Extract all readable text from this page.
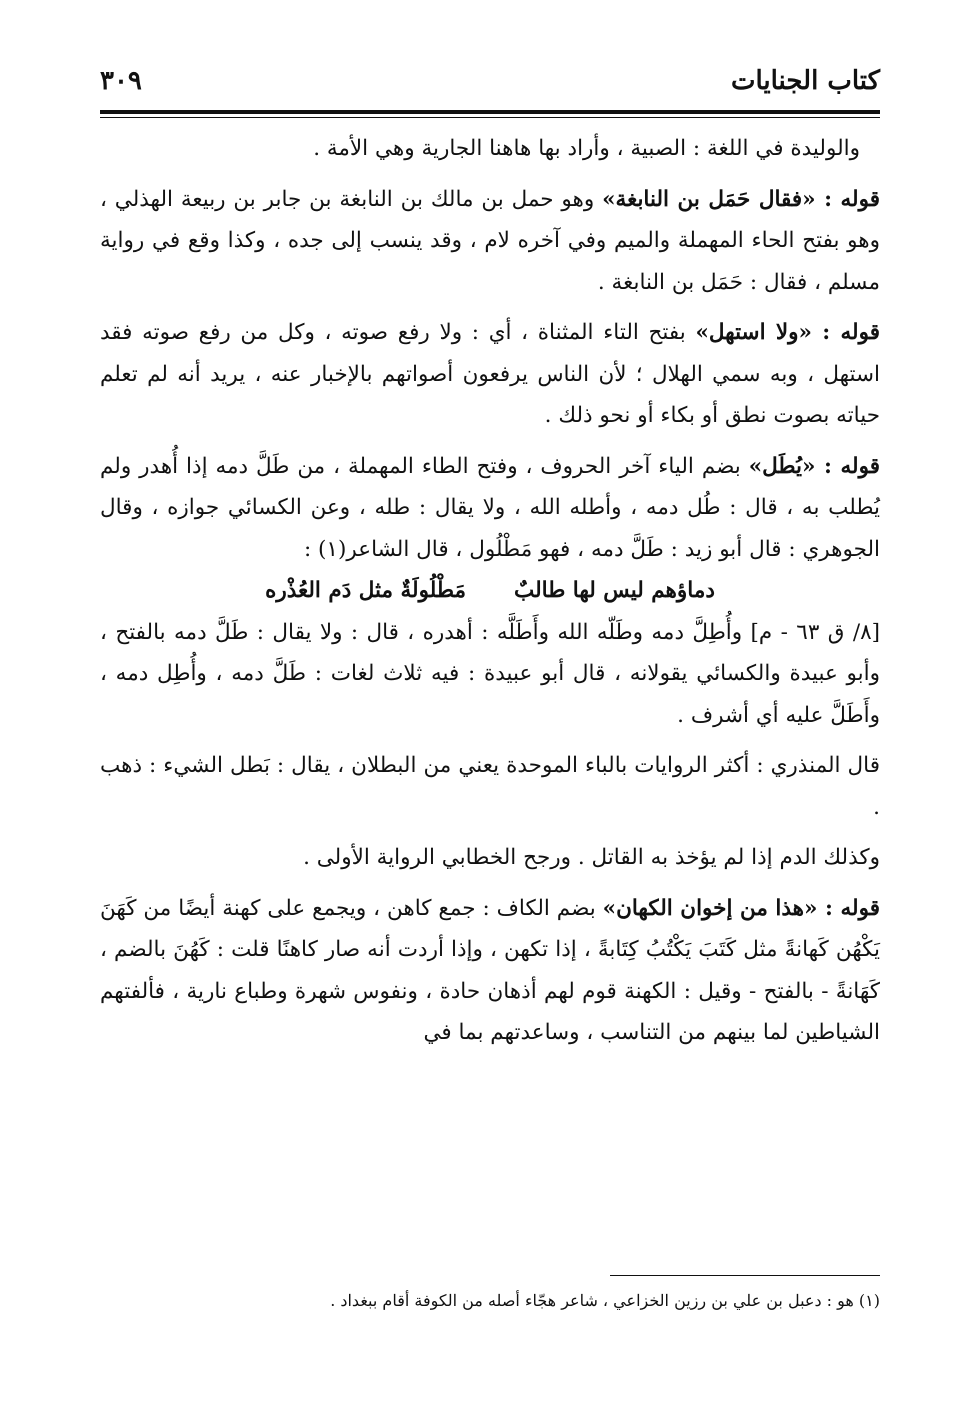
كتاب الجنايات
٣٠٩

والوليدة في اللغة : الصبية ، وأراد بها هاهنا الجارية وهي الأمة .

قوله : «فقال حَمَل بن النابغة» وهو حمل بن مالك بن النابغة بن جابر بن ربيعة الهذلي ، وهو بفتح الحاء المهملة والميم وفي آخره لام ، وقد ينسب إلى جده ، وكذا وقع في رواية مسلم ، فقال : حَمَل بن النابغة .

قوله : «ولا استهل» بفتح التاء المثناة ، أي : ولا رفع صوته ، وكل من رفع صوته فقد استهل ، وبه سمي الهلال ؛ لأن الناس يرفعون أصواتهم بالإخبار عنه ، يريد أنه لم تعلم حياته بصوت نطق أو بكاء أو نحو ذلك .

قوله : «يُطَل» بضم الياء آخر الحروف ، وفتح الطاء المهملة ، من طَلَّ دمه إذا أُهدر ولم يُطلب به ، قال : طُل دمه ، وأطله الله ، ولا يقال : طله ، وعن الكسائي جوازه ، وقال الجوهري : قال أبو زيد : طَلَّ دمه ، فهو مَطْلُول ، قال الشاعر(١) :

دماؤهم ليس لها طالبٌمَطْلُولَةٌ مثل دَم العُذْره

[٨/ ق ٦٣ - م] وأُطِلَّ دمه وطَلّه الله وأَطَلَّه : أهدره ، قال : ولا يقال : طَلَّ دمه بالفتح ، وأبو عبيدة والكسائي يقولانه ، قال أبو عبيدة : فيه ثلاث لغات : طَلَّ دمه ، وأُطِل دمه ، وأَطَلَّ عليه أي أشرف .

قال المنذري : أكثر الروايات بالباء الموحدة يعني من البطلان ، يقال : بَطل الشيء : ذهب .

وكذلك الدم إذا لم يؤخذ به القاتل . ورجح الخطابي الرواية الأولى .

قوله : «هذا من إخوان الكهان» بضم الكاف : جمع كاهن ، ويجمع على كهنة أيضًا من كَهَنَ يَكْهُن كَهانةً مثل كَتَبَ يَكْتُبُ كِتَابةً ، إذا تكهن ، وإذا أردت أنه صار كاهنًا قلت : كَهُنَ بالضم ، كَهَانةً - بالفتح - وقيل : الكهنة قوم لهم أذهان حادة ، ونفوس شهرة وطباع نارية ، فألفتهم الشياطين لما بينهم من التناسب ، وساعدتهم بما في

(١) هو : دعبل بن علي بن رزين الخزاعي ، شاعر هجّاء أصله من الكوفة أقام ببغداد .
